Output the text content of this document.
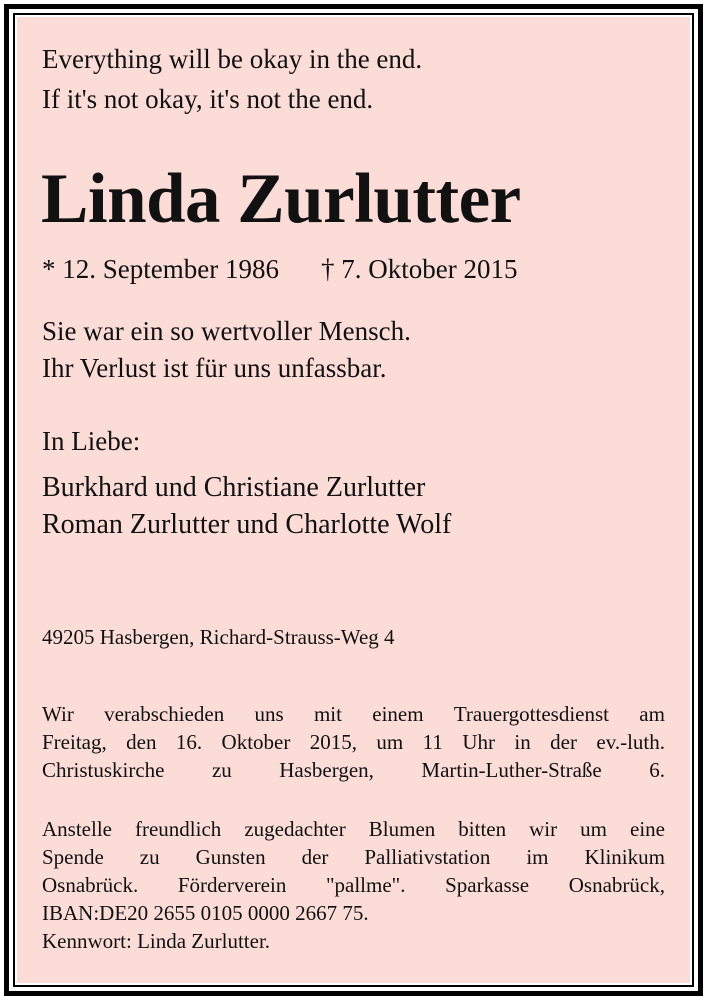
Everything will be okay in the end.
If it's not okay, it's not the end.
Linda Zurlutter
* 12. September 1986 † 7. Oktober 2015
Sie war ein so wertvoller Mensch.
Ihr Verlust ist für uns unfassbar.
In Liebe:
Burkhard und Christiane Zurlutter
Roman Zurlutter und Charlotte Wolf
49205 Hasbergen, Richard-Strauss-Weg 4
Wir verabschieden uns mit einem Trauergottesdienst am
Freitag, den 16. Oktober 2015, um 11 Uhr in der ev.-luth.
Christuskirche zu Hasbergen, Martin-Luther-Straße 6.
Anstelle freundlich zugedachter Blumen bitten wir um eine
Spende zu Gunsten der Palliativstation im Klinikum
Osnabrück. Förderverein "pallme". Sparkasse Osnabrück,
IBAN:DE20 2655 0105 0000 2667 75.
Kennwort: Linda Zurlutter.
